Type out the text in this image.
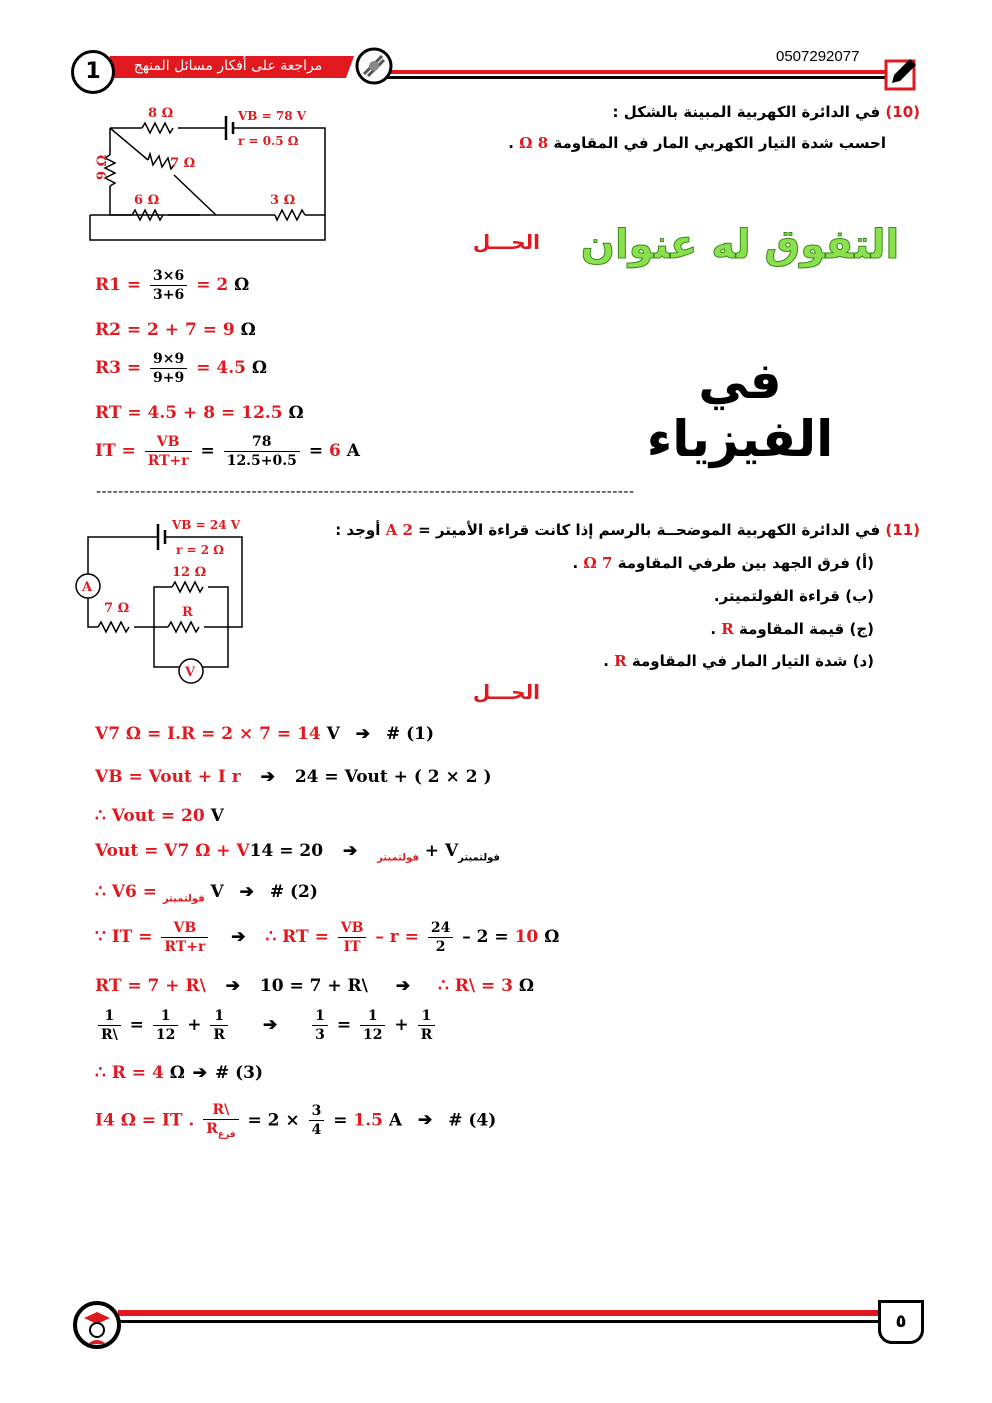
0507292077
مراجعة على أفكار مسائل المنهج
1
(10) في الدائرة الكهربية المبينة بالشكل :
احسب شدة التيار الكهربي المار في المقاومة 8 Ω .
8 Ω	VB = 78 V
r = 0.5 Ω
9 Ω	7 Ω
6 Ω	3 Ω
الحـــل التفوق له عنوان
في الفيزياء
$R1 = \frac{3\times 6}{3+6} = 2$ Ω
R2 = 2 + 7 = 9 Ω
$R3 = \frac{9\times 9}{9+9} = 4.5$ Ω
RT = 4.5 + 8 = 12.5 Ω
IT = $\frac{VB}{RT+r} = \frac{78}{12.5+0.5} = 6$ A
-------------------------------------------------------------------------------------------------
(11) في الدائرة الكهربية الموضحــة بالرسم إذا كانت قراءة الأميتر = 2 A أوجد :
(أ) فرق الجهد بين طرفي المقاومة 7 Ω .
(ب) قراءة الفولتميتر.
(ج) قيمة المقاومة R .
(د) شدة التيار المار في المقاومة R .
A
V
VB = 24 V
r = 2 Ω
12 Ω
7 Ω	R
الحـــل
V7 Ω = I.R = 2 × 7 = 14 V ➔ # (1)
VB = Vout + I r ➔ 24 = Vout + ( 2 × 2 )
∴ Vout = 20 V
Vout = V7 Ω + V	$_{فولتميتر}$ ➔ $20 = 14 + V_{فولتميتر}$
∴ V	$_{فولتميتر}$ = 6	V ➔ # (2)
∵ IT = $\frac{VB}{RT+r}$ ➔ ∴ RT = $\frac{VB}{IT} - r = \frac{24}{2} - 2 = 10$ Ω
RT = 7 + R\ ➔ 10 = 7 + R\ ➔ ∴ R\ = 3 Ω
$\frac{1}{R\backslash} = \frac{1}{12} + \frac{1}{R}$ ➔ $\frac{1}{3} = \frac{1}{12} + \frac{1}{R}$
∴ R = 4 Ω ➔ # (3)
I4 Ω = IT . $\frac{R\backslash}{R_{فرع}} = 2 \times \frac{3}{4} = 1.5$ A ➔ # (4)
٥
